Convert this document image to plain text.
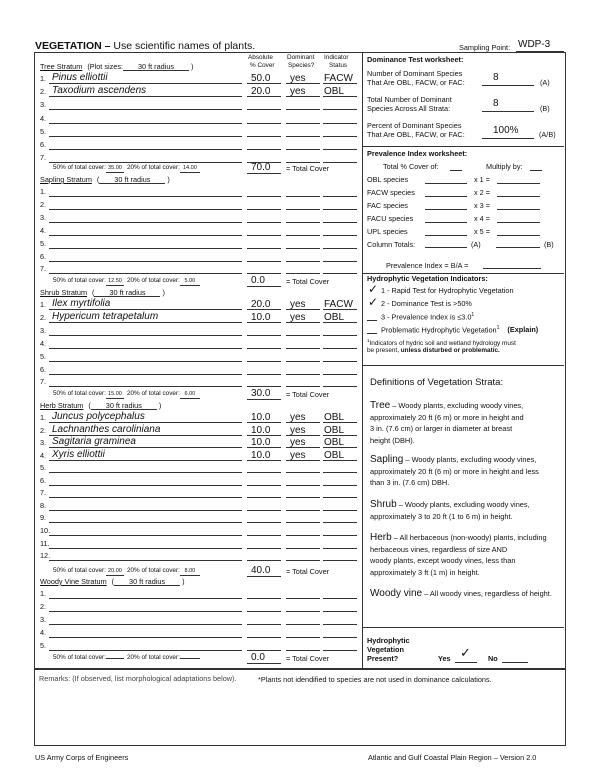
VEGETATION – Use scientific names of plants.	Sampling Point: WDP-3
Absolute
% Cover
Dominant
Species?
Indicator
Status
Tree Stratum (Plot sizes: 30 ft radius )
1. Pinus elliottii	50.0 yes FACW
2. Taxodium ascendens	20.0 yes OBL
3.
4.
5.
6.
7.
50% of total cover: 35.00 20% of total cover: 14.00	70.0 = Total Cover
Sapling Stratum ( 30 ft radius )
1.
2.
3.
4.
5.
6.
7.
50% of total cover: 12.50 20% of total cover: 5.00	0.0	= Total Cover
Shrub Stratum ( 30 ft radius )
1. Ilex myrtifolia	20.0 yes FACW
2. Hypericum tetrapetalum	10.0 yes OBL
3.
4.
5.
6.
7.
50% of total cover: 15.00 20% of total cover: 6.00	30.0 = Total Cover
Herb Stratum ( 30 ft radius )
1. Juncus polycephalus	10.0 yes OBL
2. Lachnanthes caroliniana	10.0 yes OBL
3. Sagitaria graminea	10.0 yes OBL
4. Xyris elliottii	10.0 yes OBL
5.
6.
7.
8.
9.
10.
11.
12.
50% of total cover: 20.00 20% of total cover: 8.00	40.0 = Total Cover
Woody Vine Stratum ( 30 ft radius )
1.
2.
3.
4.
5.
50% of total cover:	20% of total cover:	0.0	= Total Cover
Dominance Test worksheet:
Number of Dominant Species
That Are OBL, FACW, or FAC:	8	(A)
Total Number of Dominant
Species Across All Strata:	8	(B)
Percent of Dominant Species
That Are OBL, FACW, or FAC:	100%	(A/B)
Prevalence Index worksheet:
Total % Cover of:	Multiply by:
OBL species	x 1 =
FACW species	x 2 =
FAC species	x 3 =
FACU species	x 4 =
UPL species	x 5 =
Column Totals:	(A)	(B)
Prevalence Index = B/A =
Hydrophytic Vegetation Indicators:
✓ 1 - Rapid Test for Hydrophytic Vegetation
✓ 2 - Dominance Test is >50%
3 - Prevalence Index is $\le 3.0^1$
Problematic Hydrophytic Vegetation$^1$ (Explain)
$^1$Indicators of hydric soil and wetland hydrology must
be present, unless disturbed or problematic.
Definitions of Vegetation Strata:
Tree – Woody plants, excluding woody vines,
approximately 20 ft (6 m) or more in height and
3 in. (7.6 cm) or larger in diameter at breast
height (DBH).
Sapling – Woody plants, excluding woody vines,
approximately 20 ft (6 m) or more in height and less
than 3 in. (7.6 cm) DBH.
Shrub – Woody plants, excluding woody vines,
approximately 3 to 20 ft (1 to 6 m) in height.
Herb – All herbaceous (non-woody) plants, including
herbaceous vines, regardless of size AND
woody plants, except woody vines, less than
approximately 3 ft (1 m) in height.
Woody vine – All woody vines, regardless of height.
Hydrophytic
Vegetation
Present?	Yes ✓ No
Remarks: (If observed, list morphological adaptations below).	*Plants not idendified to species are not used in dominance calculations.
US Army Corps of Engineers	Atlantic and Gulf Coastal Plain Region – Version 2.0
